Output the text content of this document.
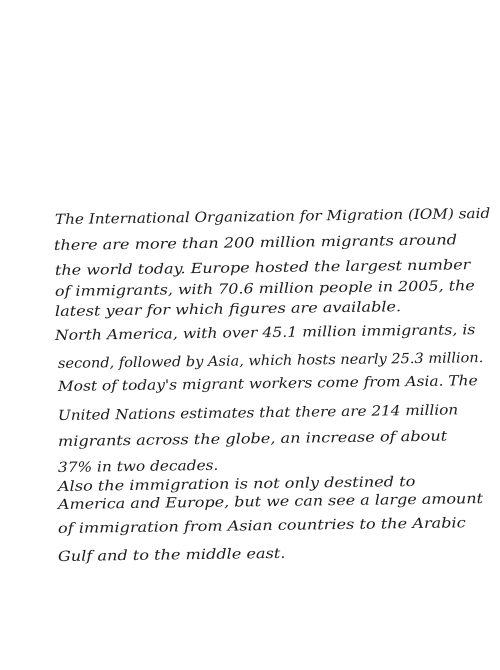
The International Organization for Migration (IOM) said
there are more than 200 million migrants around
the world today. Europe hosted the largest number
of immigrants, with 70.6 million people in 2005, the
latest year for which figures are available.
North America, with over 45.1 million immigrants, is
second, followed by Asia, which hosts nearly 25.3 million.
Most of today's migrant workers come from Asia. The
United Nations estimates that there are 214 million
migrants across the globe, an increase of about
37% in two decades.
Also the immigration is not only destined to
America and Europe, but we can see a large amount
of immigration from Asian countries to the Arabic
Gulf and to the middle east.
